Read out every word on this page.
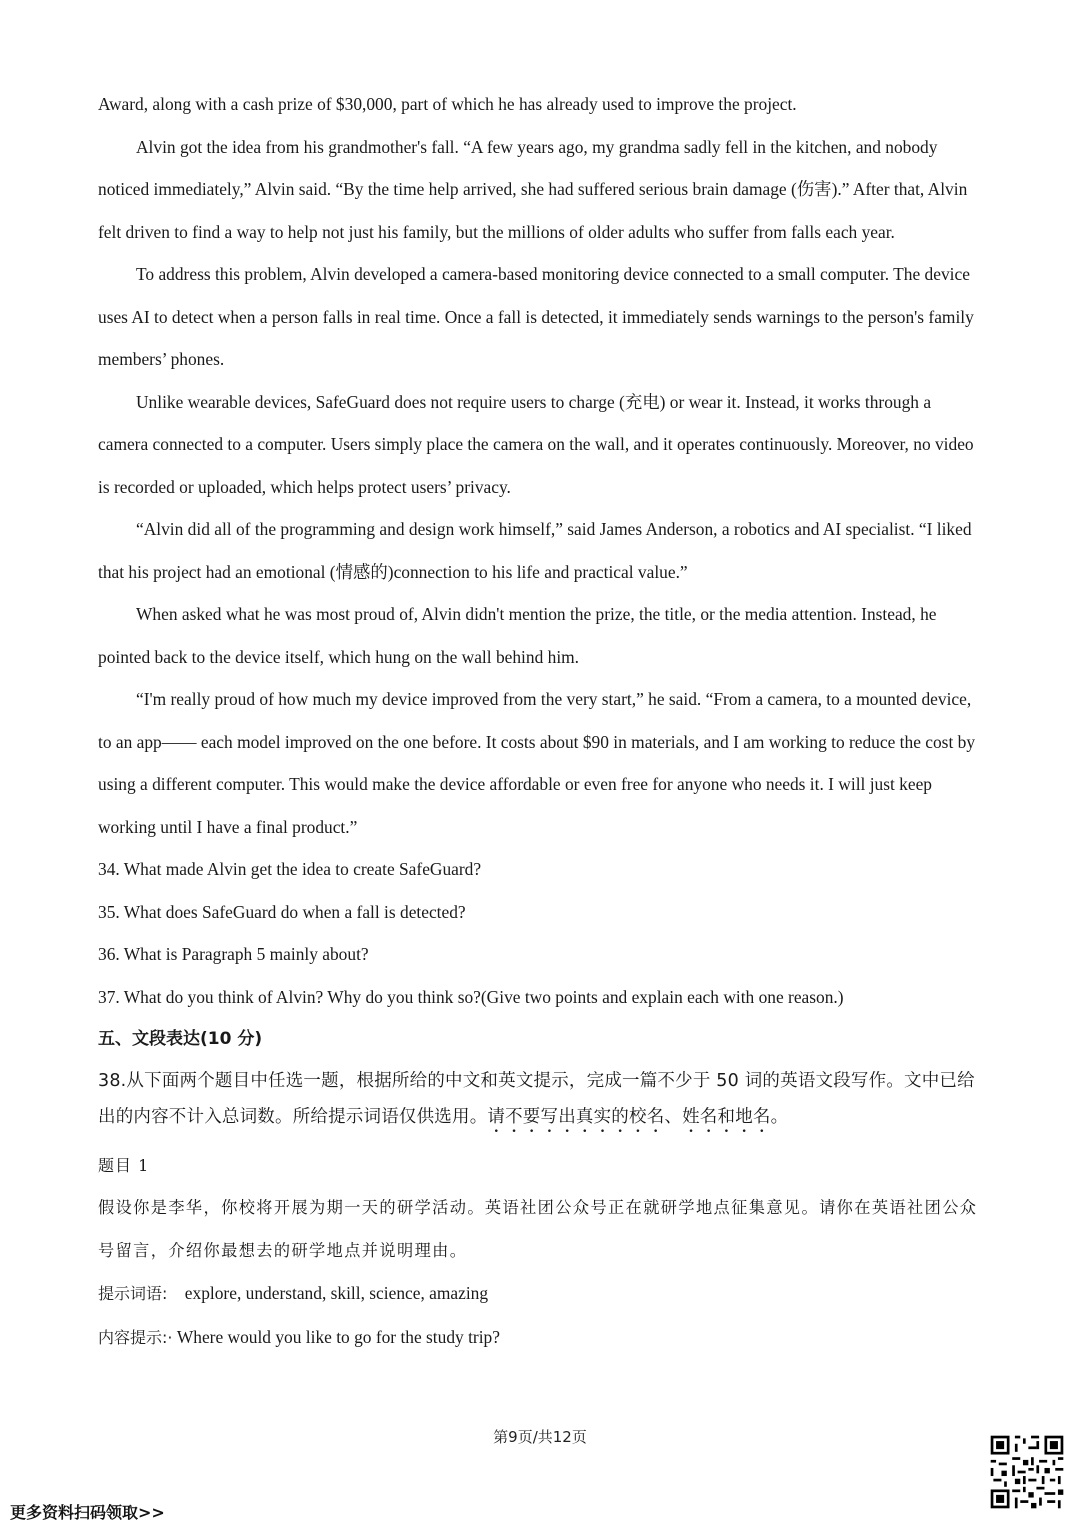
Award, along with a cash prize of $30,000, part of which he has already used to improve the project.

Alvin got the idea from his grandmother's fall. “A few years ago, my grandma sadly fell in the kitchen, and nobody noticed immediately,” Alvin said. “By the time help arrived, she had suffered serious brain damage (伤害).” After that, Alvin felt driven to find a way to help not just his family, but the millions of older adults who suffer from falls each year.

To address this problem, Alvin developed a camera-based monitoring device connected to a small computer. The device uses AI to detect when a person falls in real time. Once a fall is detected, it immediately sends warnings to the person's family members’ phones.

Unlike wearable devices, SafeGuard does not require users to charge (充电) or wear it. Instead, it works through a camera connected to a computer. Users simply place the camera on the wall, and it operates continuously. Moreover, no video is recorded or uploaded, which helps protect users’ privacy.

“Alvin did all of the programming and design work himself,” said James Anderson, a robotics and AI specialist. “I liked that his project had an emotional (情感的)connection to his life and practical value.”

When asked what he was most proud of, Alvin didn't mention the prize, the title, or the media attention. Instead, he pointed back to the device itself, which hung on the wall behind him.

“I'm really proud of how much my device improved from the very start,” he said. “From a camera, to a mounted device, to an app—— each model improved on the one before. It costs about $90 in materials, and I am working to reduce the cost by using a different computer. This would make the device affordable or even free for anyone who needs it. I will just keep working until I have a final product.”

34. What made Alvin get the idea to create SafeGuard?

35. What does SafeGuard do when a fall is detected?

36. What is Paragraph 5 mainly about?

37. What do you think of Alvin? Why do you think so?(Give two points and explain each with one reason.)

五、文段表达(10 分)

38.从下面两个题目中任选一题，根据所给的中文和英文提示，完成一篇不少于 50 词的英语文段写作。文中已给出的内容不计入总词数。所给提示词语仅供选用。请不要写出真实的校名、姓名和地名。

题目 1

假设你是李华，你校将开展为期一天的研学活动。英语社团公众号正在就研学地点征集意见。请你在英语社团公众号留言，介绍你最想去的研学地点并说明理由。

提示词语: explore, understand, skill, science, amazing

内容提示:· Where would you like to go for the study trip?

第9页/共12页
更多资料扫码领取>>
